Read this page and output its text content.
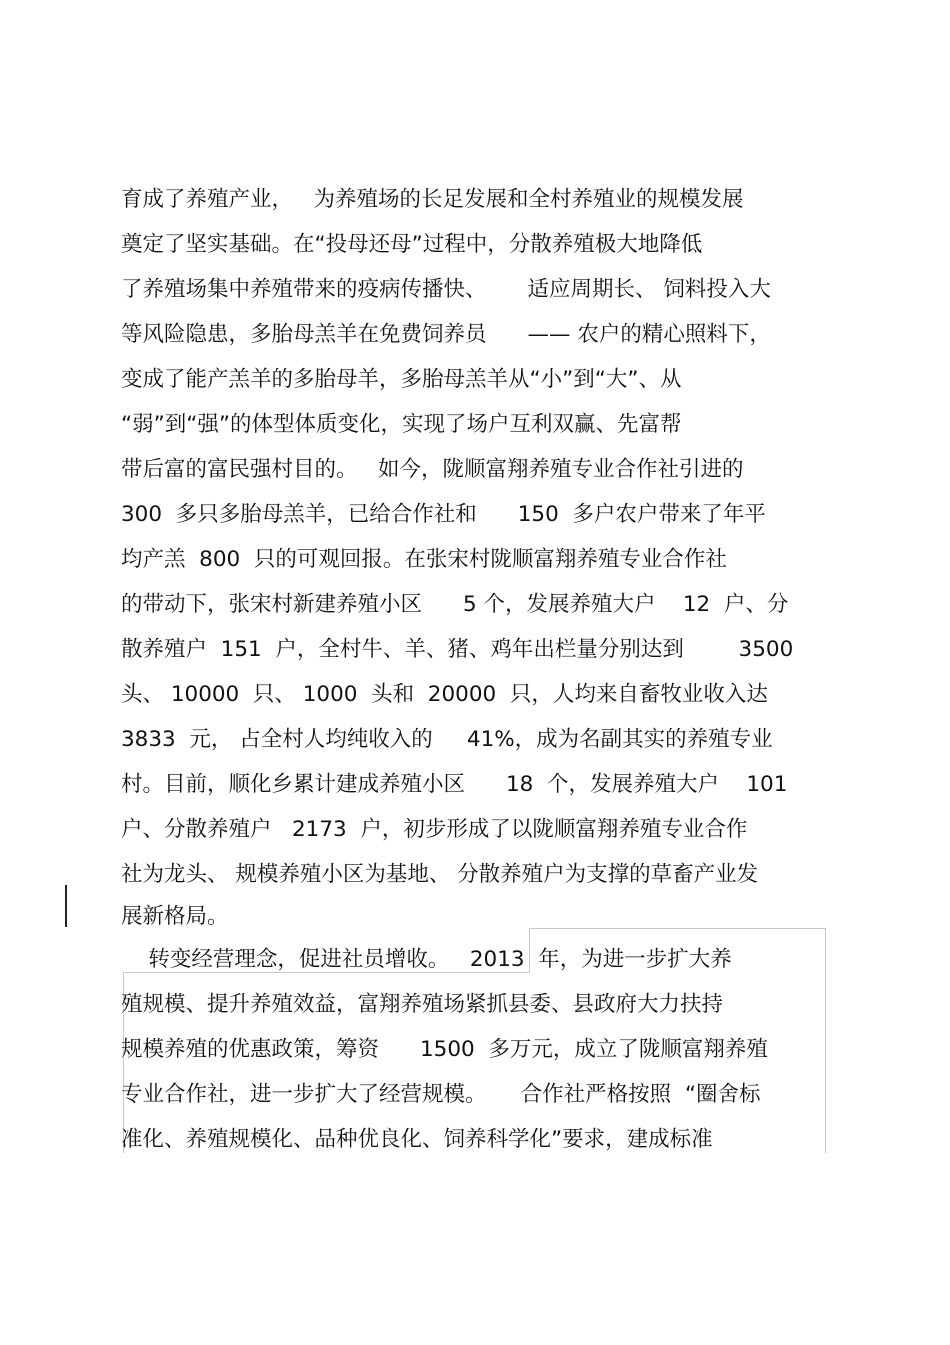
育成了养殖产业，   为养殖场的长足发展和全村养殖业的规模发展
奠定了坚实基础。在“投母还母”过程中，分散养殖极大地降低
了养殖场集中养殖带来的疫病传播快、      适应周期长、 饲料投入大
等风险隐患，多胎母羔羊在免费饲养员      —— 农户的精心照料下，
变成了能产羔羊的多胎母羊，多胎母羔羊从“小”到“大”、从
“弱”到“强”的体型体质变化，实现了场户互利双赢、先富帮
带后富的富民强村目的。   如今，陇顺富翔养殖专业合作社引进的
300  多只多胎母羔羊，已给合作社和      150  多户农户带来了年平
均产羔  800  只的可观回报。在张宋村陇顺富翔养殖专业合作社
的带动下，张宋村新建养殖小区      5 个，发展养殖大户    12  户、分
散养殖户  151  户，全村牛、羊、猪、鸡年出栏量分别达到        3500
头、 10000  只、 1000  头和  20000  只，人均来自畜牧业收入达
3833  元， 占全村人均纯收入的     41%，成为名副其实的养殖专业
村。目前，顺化乡累计建成养殖小区      18  个，发展养殖大户    101
户、分散养殖户   2173  户，初步形成了以陇顺富翔养殖专业合作
社为龙头、 规模养殖小区为基地、 分散养殖户为支撑的草畜产业发
展新格局。
转变经营理念，促进社员增收。   2013  年，为进一步扩大养
殖规模、提升养殖效益，富翔养殖场紧抓县委、县政府大力扶持
规模养殖的优惠政策，筹资      1500  多万元，成立了陇顺富翔养殖
专业合作社，进一步扩大了经营规模。     合作社严格按照  “圈舍标
准化、养殖规模化、品种优良化、饲养科学化”要求，建成标准
